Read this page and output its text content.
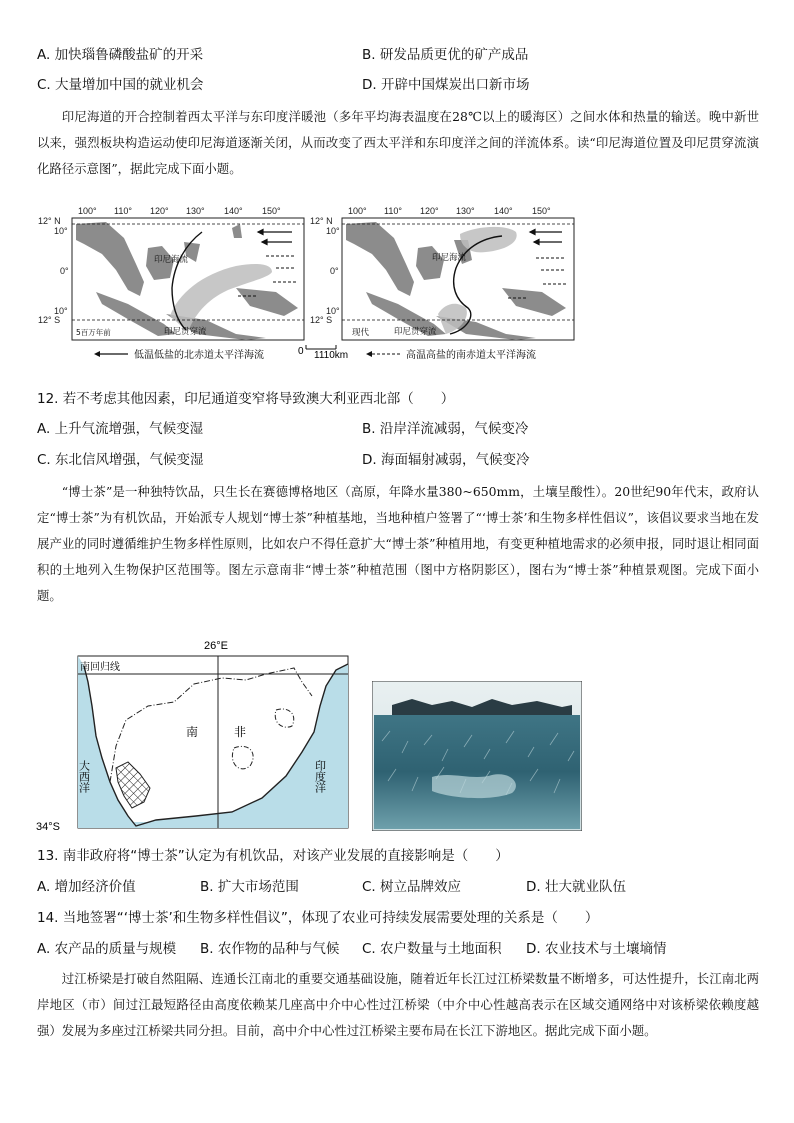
A. 加快瑙鲁磷酸盐矿的开采	B. 研发品质更优的矿产成品
C. 大量增加中国的就业机会	D. 开辟中国煤炭出口新市场

印尼海道的开合控制着西太平洋与东印度洋暖池（多年平均海表温度在28℃以上的暖海区）之间水体和热量的输送。晚中新世以来，强烈板块构造运动使印尼海道逐渐关闭，从而改变了西太平洋和东印度洋之间的洋流体系。读“印尼海道位置及印尼贯穿流演化路径示意图”，据此完成下面小题。

印尼海流
印尼贯穿流
5百万年前
100° 110° 120° 130° 140° 150°
12° N
10°
0°
10°
12° S
印尼海流
印尼贯穿流
现代
100° 110° 120° 130° 140° 150°
12° N
10°
0°
10°
12° S
低温低盐的北赤道太平洋海流	0 1110km	高温高盐的南赤道太平洋海流
12. 若不考虑其他因素，印尼通道变窄将导致澳大利亚西北部（　　）
A. 上升气流增强，气候变湿	B. 沿岸洋流减弱，气候变冷
C. 东北信风增强，气候变湿	D. 海面辐射减弱，气候变冷

“博士茶”是一种独特饮品，只生长在赛德博格地区（高原，年降水量380~650mm，土壤呈酸性）。20世纪90年代末，政府认定“博士茶”为有机饮品，开始派专人规划“博士茶”种植基地，当地种植户签署了“‘博士茶’和生物多样性倡议”，该倡议要求当地在发展产业的同时遵循维护生物多样性原则，比如农户不得任意扩大“博士茶”种植用地，有变更种植地需求的必须申报，同时退让相同面积的土地列入生物保护区范围等。图左示意南非“博士茶”种植范围（图中方格阴影区），图右为“博士茶”种植景观图。完成下面小题。

26°E
南回归线
南	非
大西洋	印度洋
34°S
13. 南非政府将“博士茶”认定为有机饮品，对该产业发展的直接影响是（　　）
A. 增加经济价值	B. 扩大市场范围	C. 树立品牌效应	D. 壮大就业队伍
14. 当地签署“‘博士茶’和生物多样性倡议”，体现了农业可持续发展需要处理的关系是（　　）
A. 农产品的质量与规模 B. 农作物的品种与气候 C. 农户数量与土地面积 D. 农业技术与土壤墒情

过江桥梁是打破自然阻隔、连通长江南北的重要交通基础设施，随着近年长江过江桥梁数量不断增多，可达性提升，长江南北两岸地区（市）间过江最短路径由高度依赖某几座高中介中心性过江桥梁（中介中心性越高表示在区域交通网络中对该桥梁依赖度越强）发展为多座过江桥梁共同分担。目前，高中介中心性过江桥梁主要布局在长江下游地区。据此完成下面小题。
